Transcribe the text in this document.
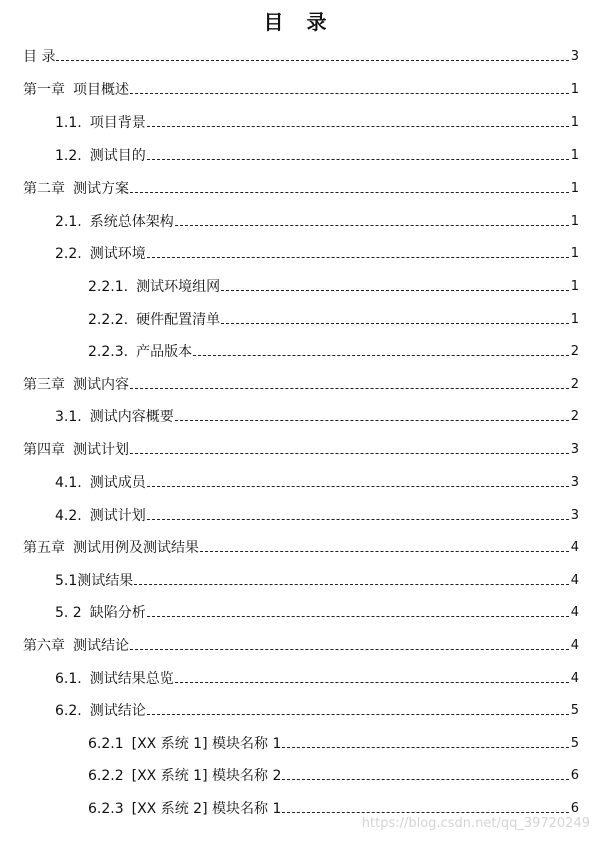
目 录
目 录	3
第一章 项目概述	1
1.1. 项目背景	1
1.2. 测试目的	1
第二章 测试方案	1
2.1. 系统总体架构	1
2.2. 测试环境	1
2.2.1. 测试环境组网	1
2.2.2. 硬件配置清单	1
2.2.3. 产品版本	2
第三章 测试内容	2
3.1. 测试内容概要	2
第四章 测试计划	3
4.1. 测试成员	3
4.2. 测试计划	3
第五章 测试用例及测试结果	4
5.1 测试结果	4
5. 2 缺陷分析	4
第六章 测试结论	4
6.1. 测试结果总览	4
6.2. 测试结论	5
6.2.1 [XX 系统 1] 模块名称 1	5
6.2.2 [XX 系统 1] 模块名称 2	6
6.2.3 [XX 系统 2] 模块名称 1	6
https://blog.csdn.net/qq_39720249
